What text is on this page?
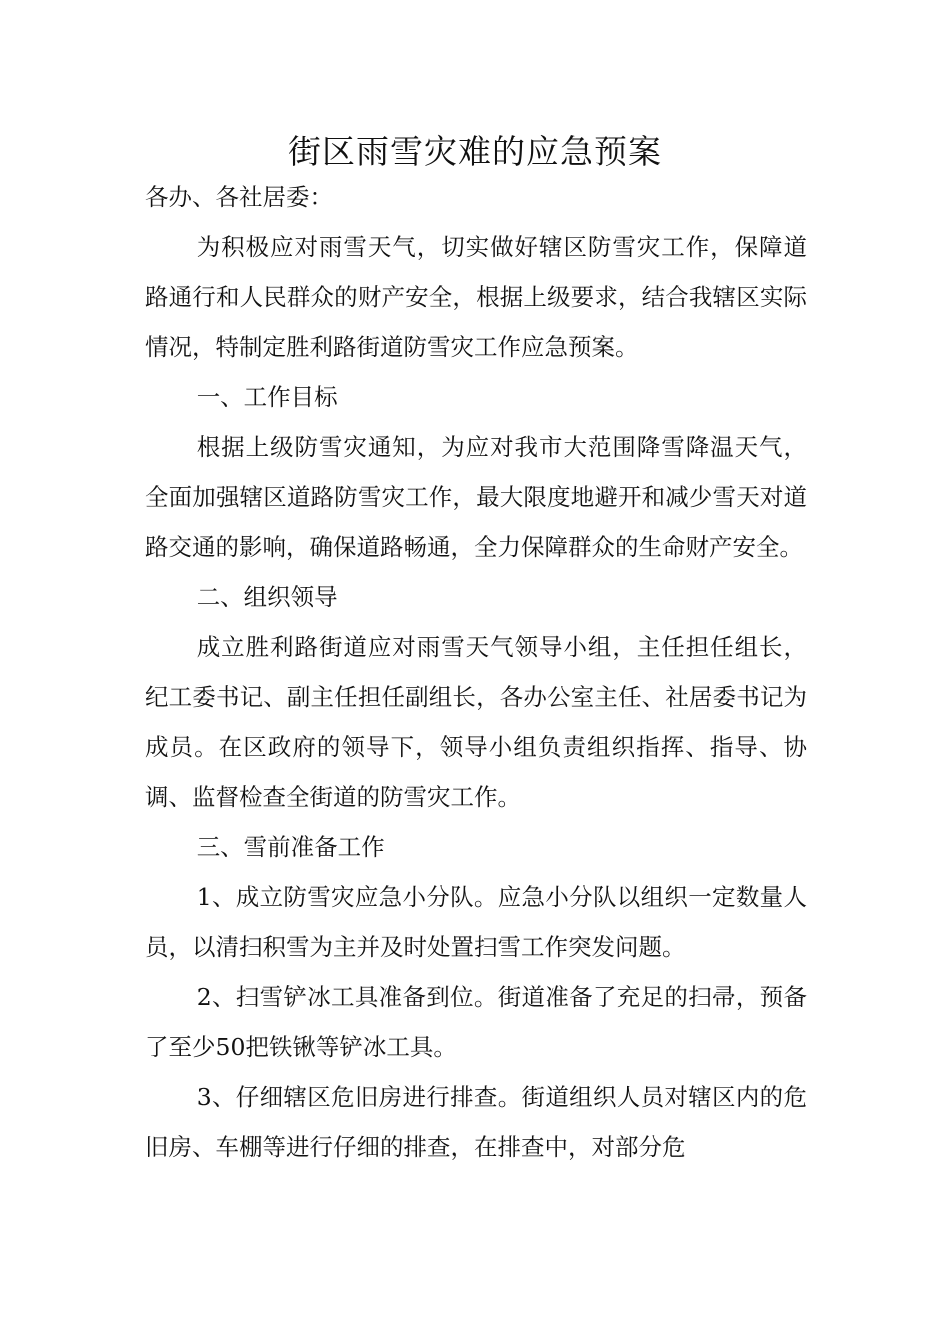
街区雨雪灾难的应急预案

各办、各社居委：

为积极应对雨雪天气，切实做好辖区防雪灾工作，保障道路通行和人民群众的财产安全，根据上级要求，结合我辖区实际情况，特制定胜利路街道防雪灾工作应急预案。

一、工作目标

根据上级防雪灾通知，为应对我市大范围降雪降温天气，全面加强辖区道路防雪灾工作，最大限度地避开和减少雪天对道路交通的影响，确保道路畅通，全力保障群众的生命财产安全。

二、组织领导

成立胜利路街道应对雨雪天气领导小组，主任担任组长，纪工委书记、副主任担任副组长，各办公室主任、社居委书记为成员。在区政府的领导下，领导小组负责组织指挥、指导、协调、监督检查全街道的防雪灾工作。

三、雪前准备工作

1、成立防雪灾应急小分队。应急小分队以组织一定数量人员，以清扫积雪为主并及时处置扫雪工作突发问题。

2、扫雪铲冰工具准备到位。街道准备了充足的扫帚，预备了至少50把铁锹等铲冰工具。

3、仔细辖区危旧房进行排查。街道组织人员对辖区内的危旧房、车棚等进行仔细的排查，在排查中，对部分危
